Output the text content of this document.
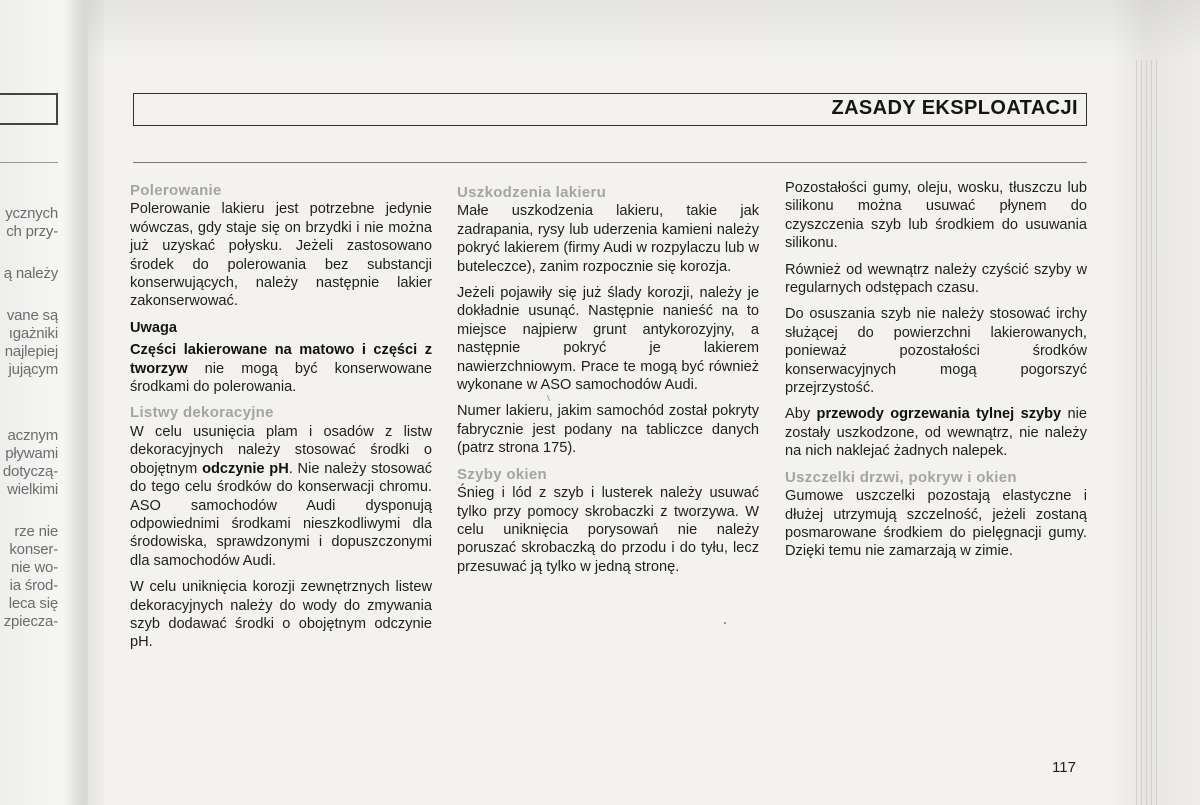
ycznych
ch przy-
ą należy
vane są
ıgażniki
najlepiej
jującym
acznym
pływami
dotyczą-
wielkimi
rze nie
konser-
nie wo-
ia środ-
leca się
zpiecza-
ZASADY EKSPLOATACJI
Polerowanie

Polerowanie lakieru jest potrzebne jedynie wówczas, gdy staje się on brzydki i nie można już uzyskać połysku. Jeżeli zastosowano środek do polerowania bez substancji konserwujących, należy następnie lakier zakonserwować.

Uwaga

Części lakierowane na matowo i części z tworzyw nie mogą być konserwowane środkami do polerowania.

Listwy dekoracyjne

W celu usunięcia plam i osadów z listw dekoracyjnych należy stosować środki o obojętnym odczynie pH. Nie należy stosować do tego celu środków do konserwacji chromu. ASO samochodów Audi dysponują odpowiednimi środkami nieszkodliwymi dla środowiska, sprawdzonymi i dopuszczonymi dla samochodów Audi.

W celu uniknięcia korozji zewnętrznych listew dekoracyjnych należy do wody do zmywania szyb dodawać środki o obojętnym odczynie pH.

Uszkodzenia lakieru

Małe uszkodzenia lakieru, takie jak zadrapania, rysy lub uderzenia kamieni należy pokryć lakierem (firmy Audi w rozpylaczu lub w buteleczce), zanim rozpocznie się korozja.

Jeżeli pojawiły się już ślady korozji, należy je dokładnie usunąć. Następnie nanieść na to miejsce najpierw grunt antykorozyjny, a następnie pokryć je lakierem nawierzchniowym. Prace te mogą być również wykonane w ASO samochodów Audi.

Numer lakieru, jakim samochód został pokryty fabrycznie jest podany na tabliczce danych (patrz strona 175).

Szyby okien

Śnieg i lód z szyb i lusterek należy usuwać tylko przy pomocy skrobaczki z tworzywa. W celu uniknięcia porysowań nie należy poruszać skrobaczką do przodu i do tyłu, lecz przesuwać ją tylko w jedną stronę.

Pozostałości gumy, oleju, wosku, tłuszczu lub silikonu można usuwać płynem do czyszczenia szyb lub środkiem do usuwania silikonu.

Również od wewnątrz należy czyścić szyby w regularnych odstępach czasu.

Do osuszania szyb nie należy stosować irchy służącej do powierzchni lakierowanych, ponieważ pozostałości środków konserwacyjnych mogą pogorszyć przejrzystość.

Aby przewody ogrzewania tylnej szyby nie zostały uszkodzone, od wewnątrz, nie należy na nich naklejać żadnych nalepek.

Uszczelki drzwi, pokryw i okien

Gumowe uszczelki pozostają elastyczne i dłużej utrzymują szczelność, jeżeli zostaną posmarowane środkiem do pielęgnacji gumy. Dzięki temu nie zamarzają w zimie.

117
